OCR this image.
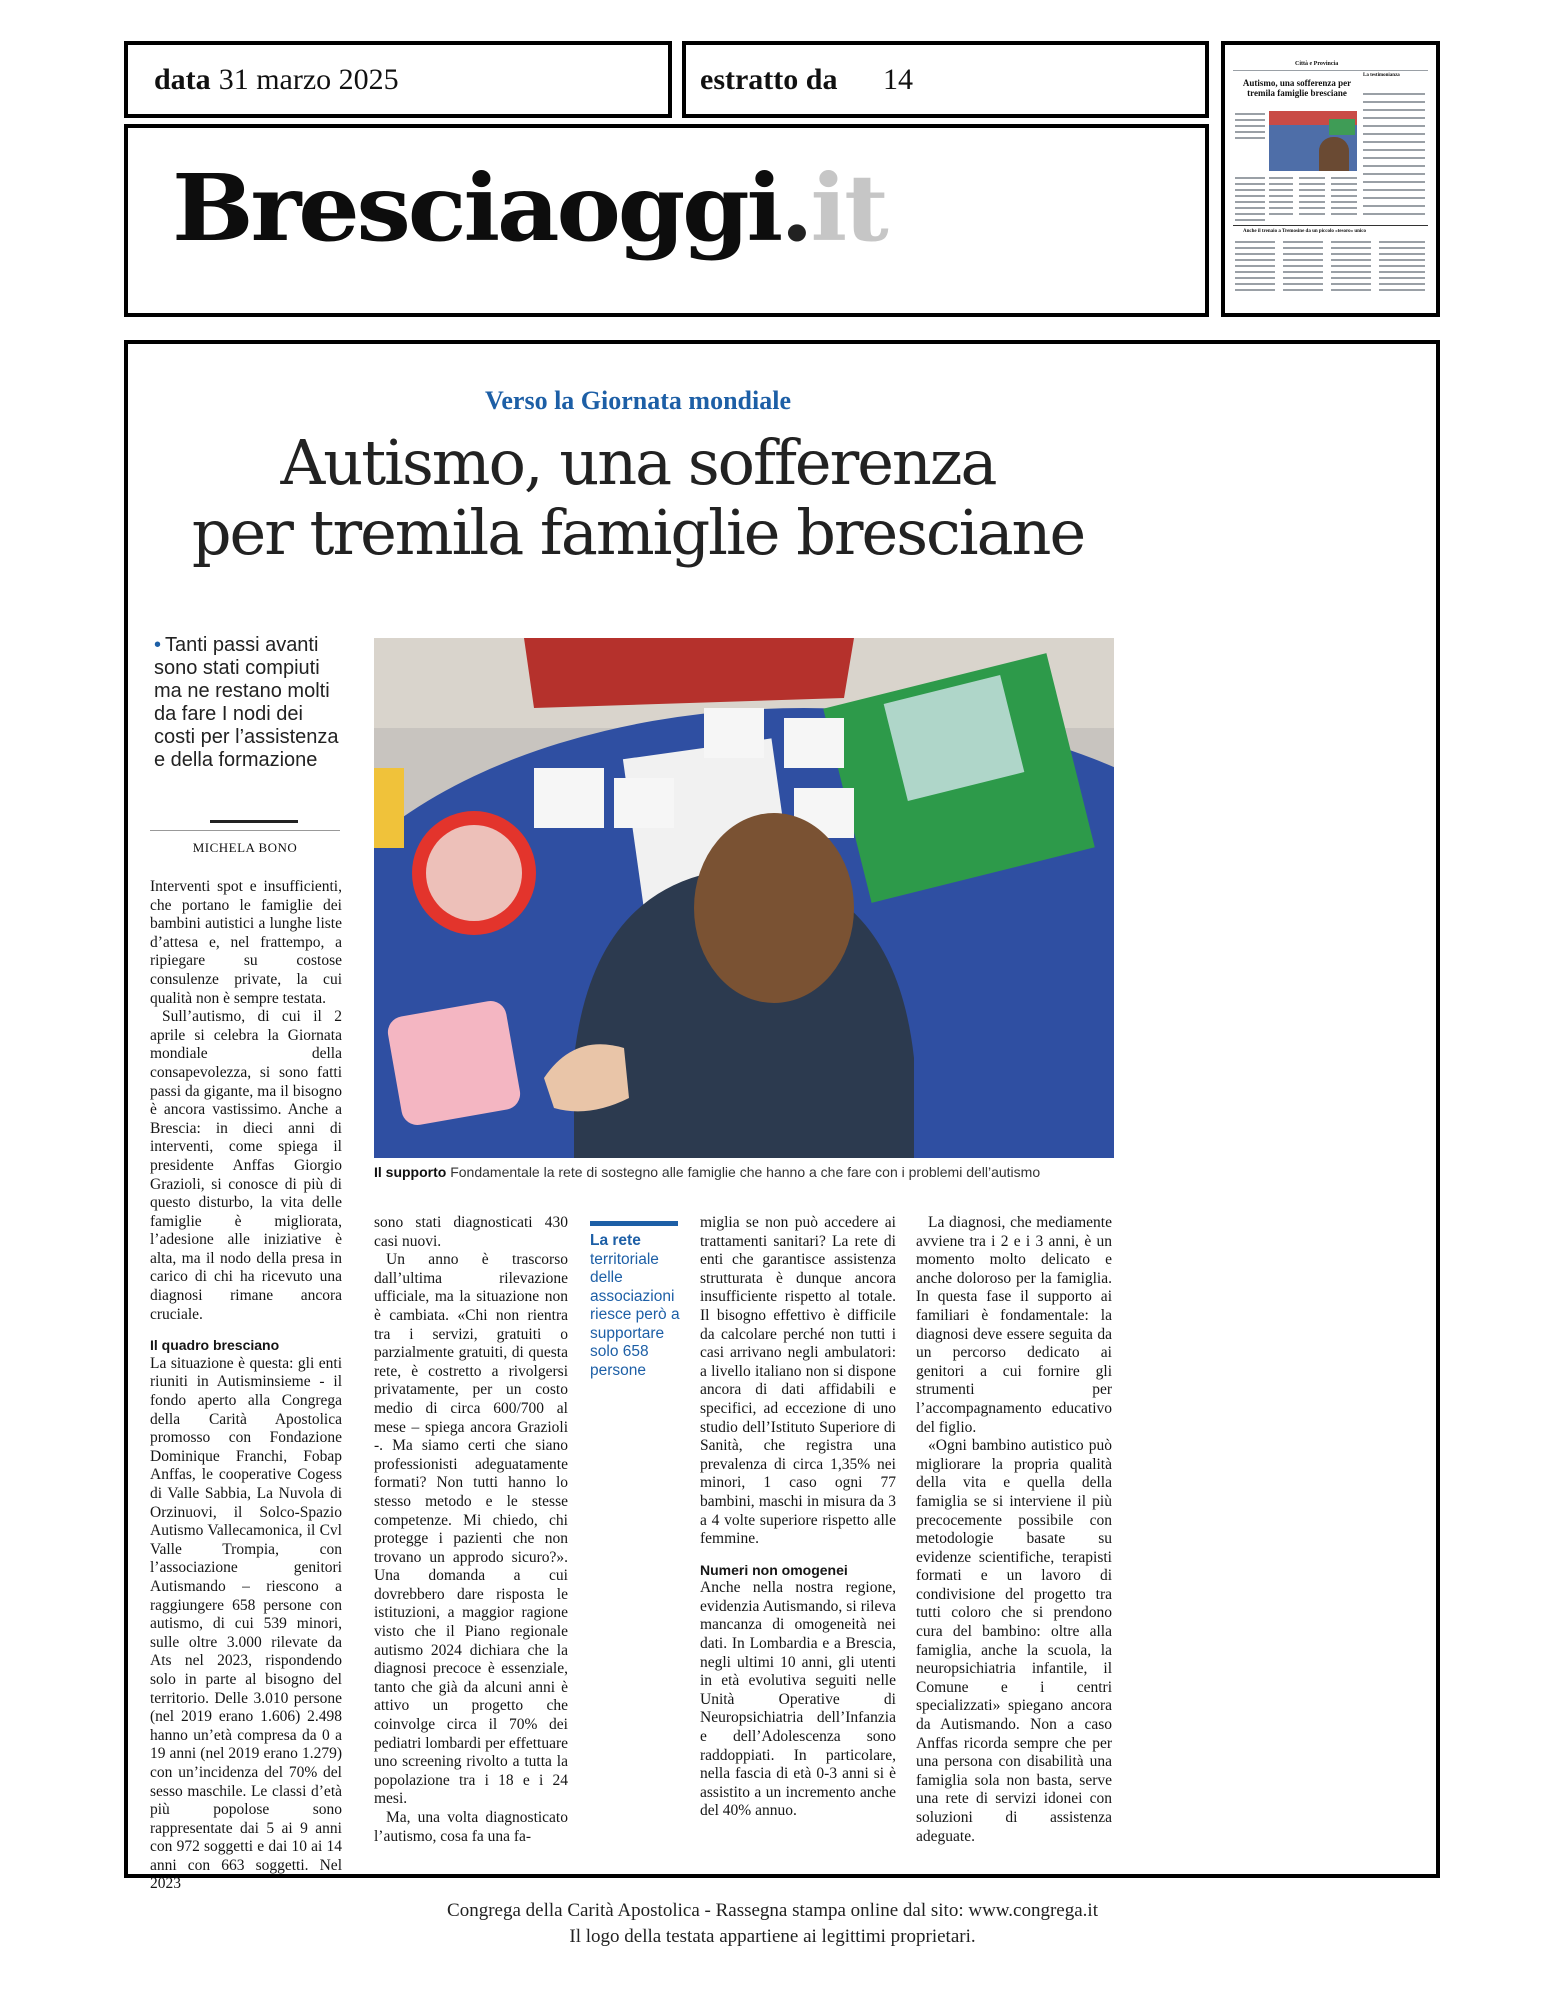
data 31 marzo 2025	estratto da 14
Bresciaoggi.it
Città e Provincia
Autismo, una sofferenza per tremila famiglie bresciane
La testimonianza
Anche il trenaio a Tremosine da un piccolo «tesoro» unico
Verso la Giornata mondiale
Autismo, una sofferenza
per tremila famiglie bresciane
• Tanti passi avanti sono stati compiuti ma ne restano molti da fare I nodi dei costi per l’assistenza e della formazione
MICHELA BONO
Il supporto Fondamentale la rete di sostegno alle famiglie che hanno a che fare con i problemi dell’autismo

Interventi spot e insufficienti, che portano le famiglie dei bambini autistici a lunghe liste d’attesa e, nel frattempo, a ripiegare su costose consulenze private, la cui qualità non è sempre testata.

Sull’autismo, di cui il 2 aprile si celebra la Giornata mondiale della consapevolezza, si sono fatti passi da gigante, ma il bisogno è ancora vastissimo. Anche a Brescia: in dieci anni di interventi, come spiega il presidente Anffas Giorgio Grazioli, si conosce di più di questo disturbo, la vita delle famiglie è migliorata, l’adesione alle iniziative è alta, ma il nodo della presa in carico di chi ha ricevuto una diagnosi rimane ancora cruciale.

Il quadro bresciano

La situazione è questa: gli enti riuniti in Autisminsieme - il fondo aperto alla Congrega della Carità Apostolica promosso con Fondazione Dominique Franchi, Fobap Anffas, le cooperative Cogess di Valle Sabbia, La Nuvola di Orzinuovi, il Solco-Spazio Autismo Vallecamonica, il Cvl Valle Trompia, con l’associazione genitori Autismando – riescono a raggiungere 658 persone con autismo, di cui 539 minori, sulle oltre 3.000 rilevate da Ats nel 2023, rispondendo solo in parte al bisogno del territorio. Delle 3.010 persone (nel 2019 erano 1.606) 2.498 hanno un’età compresa da 0 a 19 anni (nel 2019 erano 1.279) con un’incidenza del 70% del sesso maschile. Le classi d’età più popolose sono rappresentate dai 5 ai 9 anni con 972 soggetti e dai 10 ai 14 anni con 663 soggetti. Nel 2023

sono stati diagnosticati 430 casi nuovi.

Un anno è trascorso dall’ultima rilevazione ufficiale, ma la situazione non è cambiata. «Chi non rientra tra i servizi, gratuiti o parzialmente gratuiti, di questa rete, è costretto a rivolgersi privatamente, per un costo medio di circa 600/700 al mese – spiega ancora Grazioli -. Ma siamo certi che siano professionisti adeguatamente formati? Non tutti hanno lo stesso metodo e le stesse competenze. Mi chiedo, chi protegge i pazienti che non trovano un approdo sicuro?». Una domanda a cui dovrebbero dare risposta le istituzioni, a maggior ragione visto che il Piano regionale autismo 2024 dichiara che la diagnosi precoce è essenziale, tanto che già da alcuni anni è attivo un progetto che coinvolge circa il 70% dei pediatri lombardi per effettuare uno screening rivolto a tutta la popolazione tra i 18 e i 24 mesi.

Ma, una volta diagnosticato l’autismo, cosa fa una fa-

La rete
territoriale delle associazioni riesce però a supportare solo 658 persone

miglia se non può accedere ai trattamenti sanitari? La rete di enti che garantisce assistenza strutturata è dunque ancora insufficiente rispetto al totale. Il bisogno effettivo è difficile da calcolare perché non tutti i casi arrivano negli ambulatori: a livello italiano non si dispone ancora di dati affidabili e specifici, ad eccezione di uno studio dell’Istituto Superiore di Sanità, che registra una prevalenza di circa 1,35% nei minori, 1 caso ogni 77 bambini, maschi in misura da 3 a 4 volte superiore rispetto alle femmine.

Numeri non omogenei

Anche nella nostra regione, evidenzia Autismando, si rileva mancanza di omogeneità nei dati. In Lombardia e a Brescia, negli ultimi 10 anni, gli utenti in età evolutiva seguiti nelle Unità Operative di Neuropsichiatria dell’Infanzia e dell’Adolescenza sono raddoppiati. In particolare, nella fascia di età 0-3 anni si è assistito a un incremento anche del 40% annuo.

La diagnosi, che mediamente avviene tra i 2 e i 3 anni, è un momento molto delicato e anche doloroso per la famiglia. In questa fase il supporto ai familiari è fondamentale: la diagnosi deve essere seguita da un percorso dedicato ai genitori a cui fornire gli strumenti per l’accompagnamento educativo del figlio.

«Ogni bambino autistico può migliorare la propria qualità della vita e quella della famiglia se si interviene il più precocemente possibile con metodologie basate su evidenze scientifiche, terapisti formati e un lavoro di condivisione del progetto tra tutti coloro che si prendono cura del bambino: oltre alla famiglia, anche la scuola, la neuropsichiatria infantile, il Comune e i centri specializzati» spiegano ancora da Autismando. Non a caso Anffas ricorda sempre che per una persona con disabilità una famiglia sola non basta, serve una rete di servizi idonei con soluzioni di assistenza adeguate.

Congrega della Carità Apostolica - Rassegna stampa online dal sito: www.congrega.it
Il logo della testata appartiene ai legittimi proprietari.
